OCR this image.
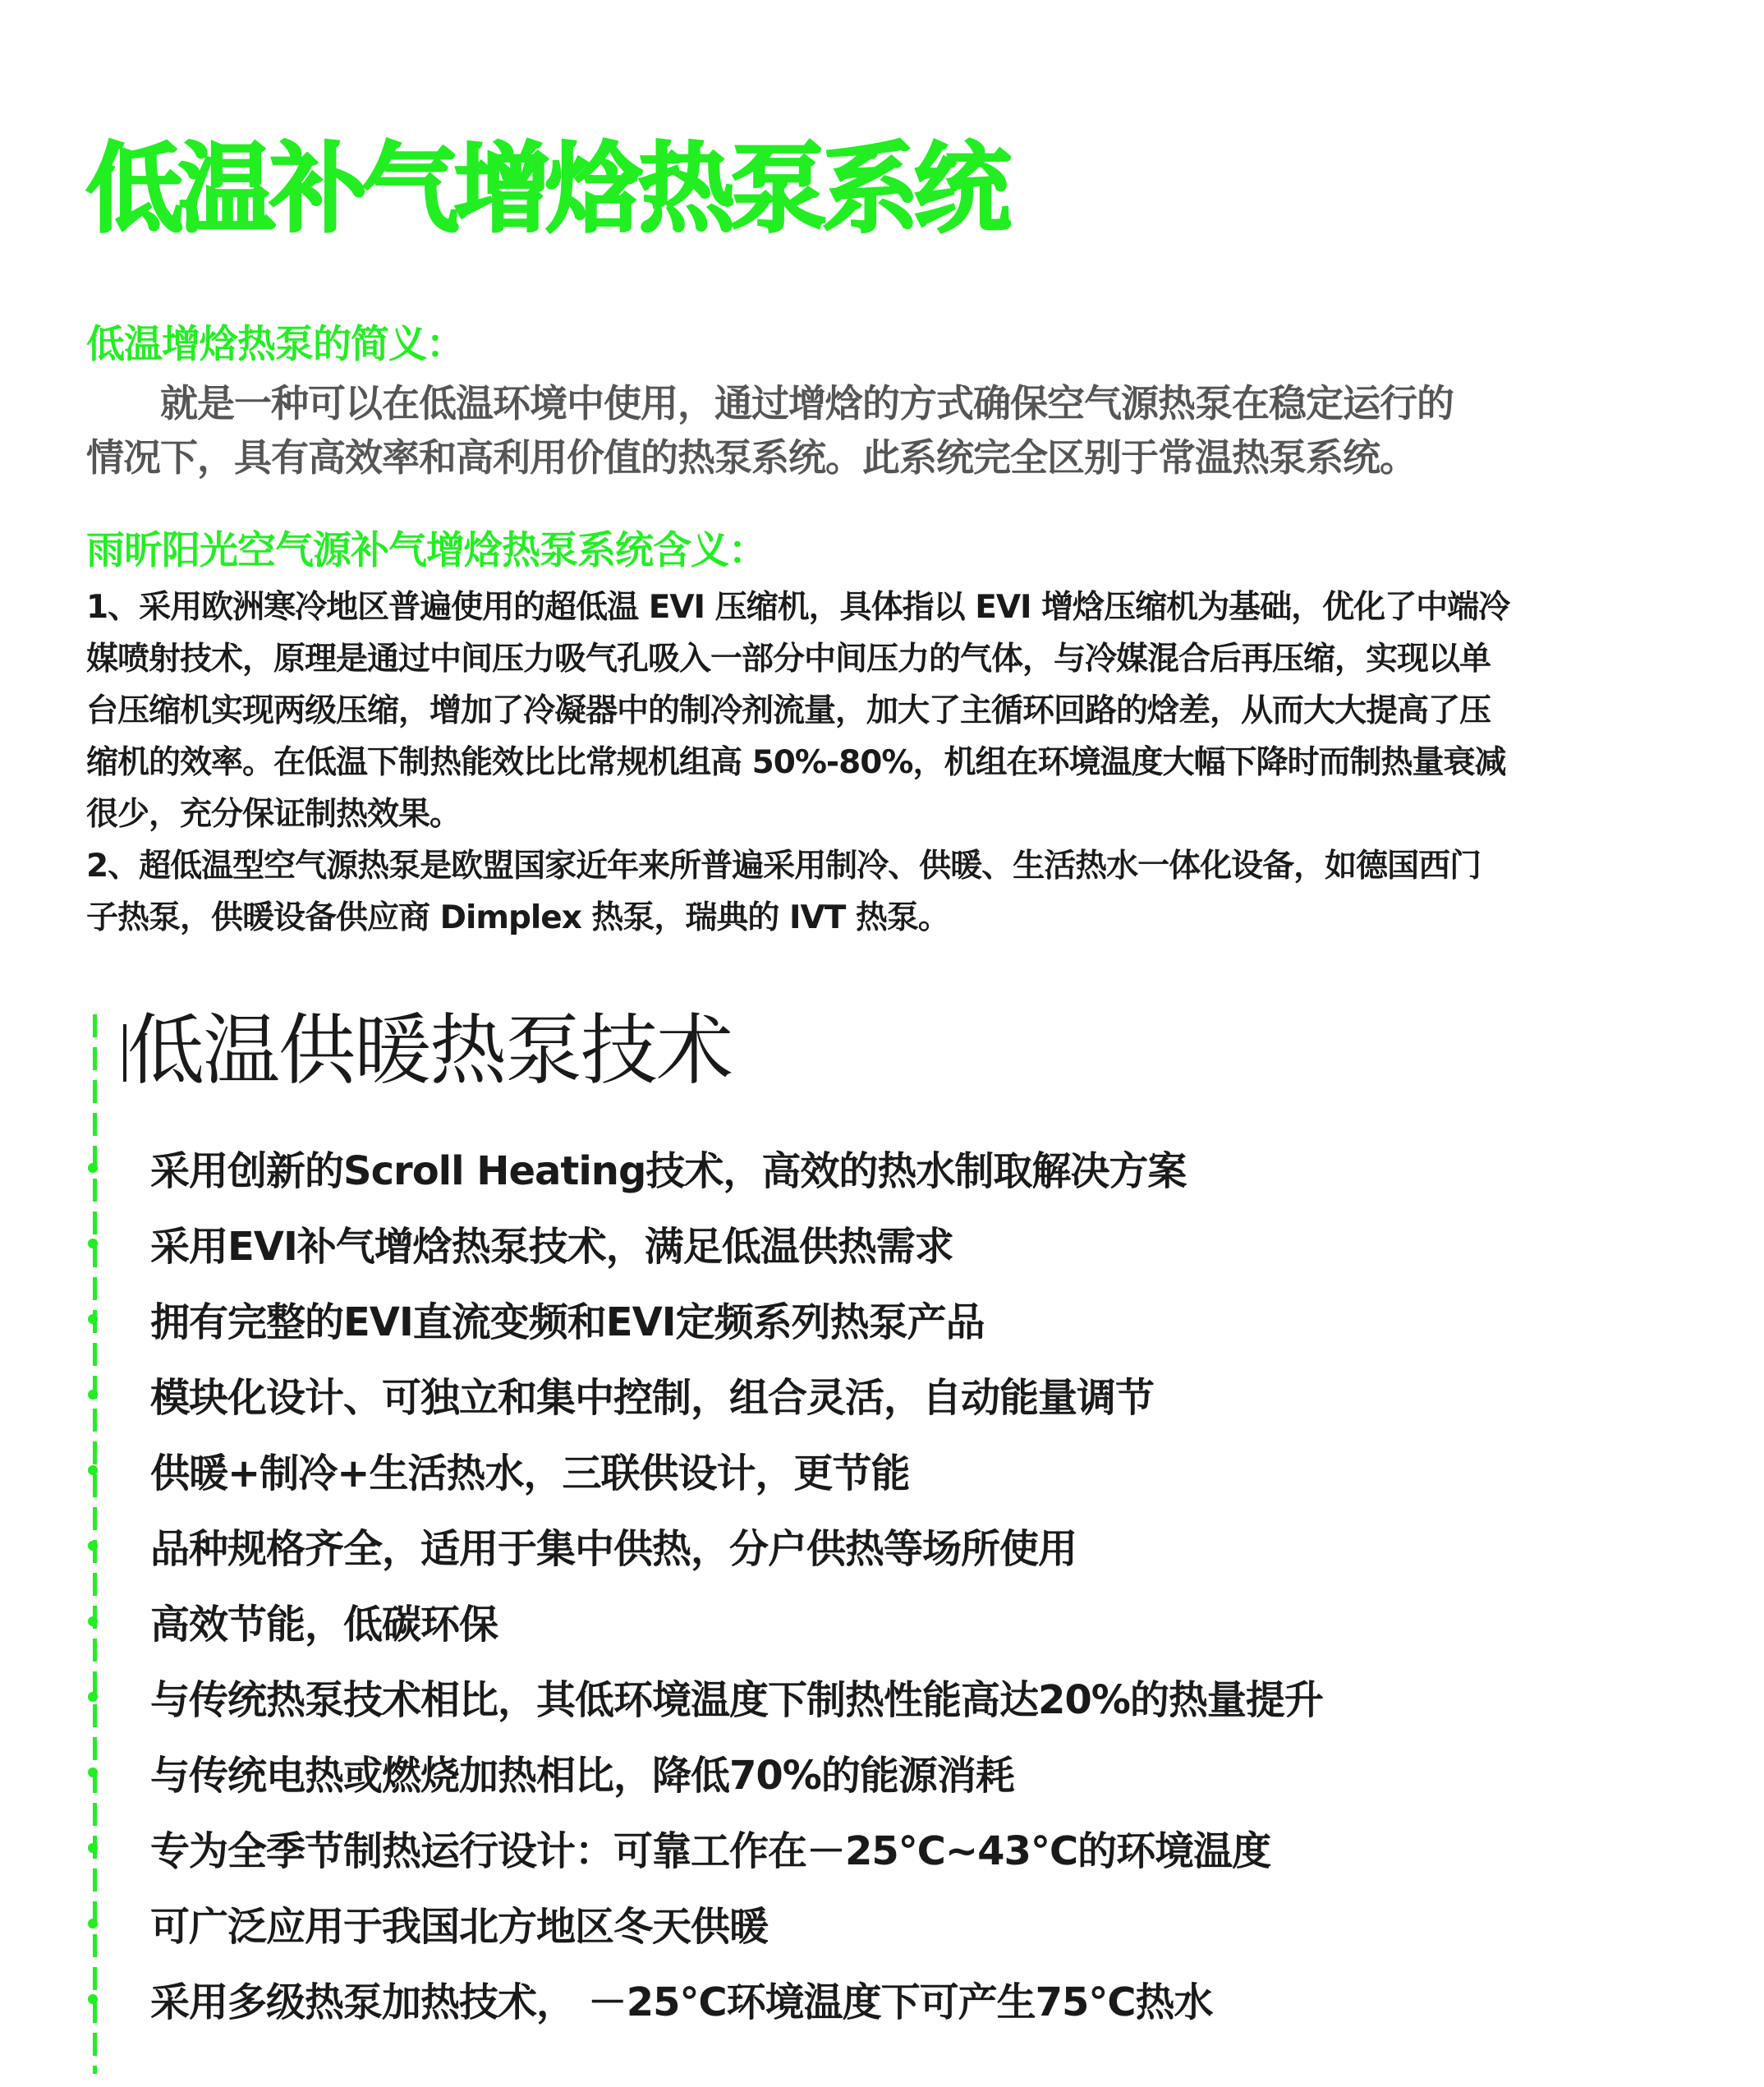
低温补气增焓热泵系统
低温增焓热泵的简义：

　　就是一种可以在低温环境中使用，通过增焓的方式确保空气源热泵在稳定运行的
情况下，具有高效率和高利用价值的热泵系统。此系统完全区别于常温热泵系统。

雨昕阳光空气源补气增焓热泵系统含义：

1、采用欧洲寒冷地区普遍使用的超低温 EVI 压缩机，具体指以 EVI 增焓压缩机为基础，优化了中端冷
媒喷射技术，原理是通过中间压力吸气孔吸入一部分中间压力的气体，与冷媒混合后再压缩，实现以单
台压缩机实现两级压缩，增加了冷凝器中的制冷剂流量，加大了主循环回路的焓差，从而大大提高了压
缩机的效率。在低温下制热能效比比常规机组高 50%-80%，机组在环境温度大幅下降时而制热量衰减
很少，充分保证制热效果。
2、超低温型空气源热泵是欧盟国家近年来所普遍采用制冷、供暖、生活热水一体化设备，如德国西门
子热泵，供暖设备供应商 Dimplex 热泵，瑞典的 IVT 热泵。

低温供暖热泵技术
采用创新的Scroll Heating技术，高效的热水制取解决方案
采用EVI补气增焓热泵技术，满足低温供热需求
拥有完整的EVI直流变频和EVI定频系列热泵产品
模块化设计、可独立和集中控制，组合灵活，自动能量调节
供暖+制冷+生活热水，三联供设计，更节能
品种规格齐全，适用于集中供热，分户供热等场所使用
高效节能，低碳环保
与传统热泵技术相比，其低环境温度下制热性能高达20%的热量提升
与传统电热或燃烧加热相比，降低70%的能源消耗
专为全季节制热运行设计：可靠工作在－25℃~43℃的环境温度
可广泛应用于我国北方地区冬天供暖
采用多级热泵加热技术， －25℃环境温度下可产生75℃热水
